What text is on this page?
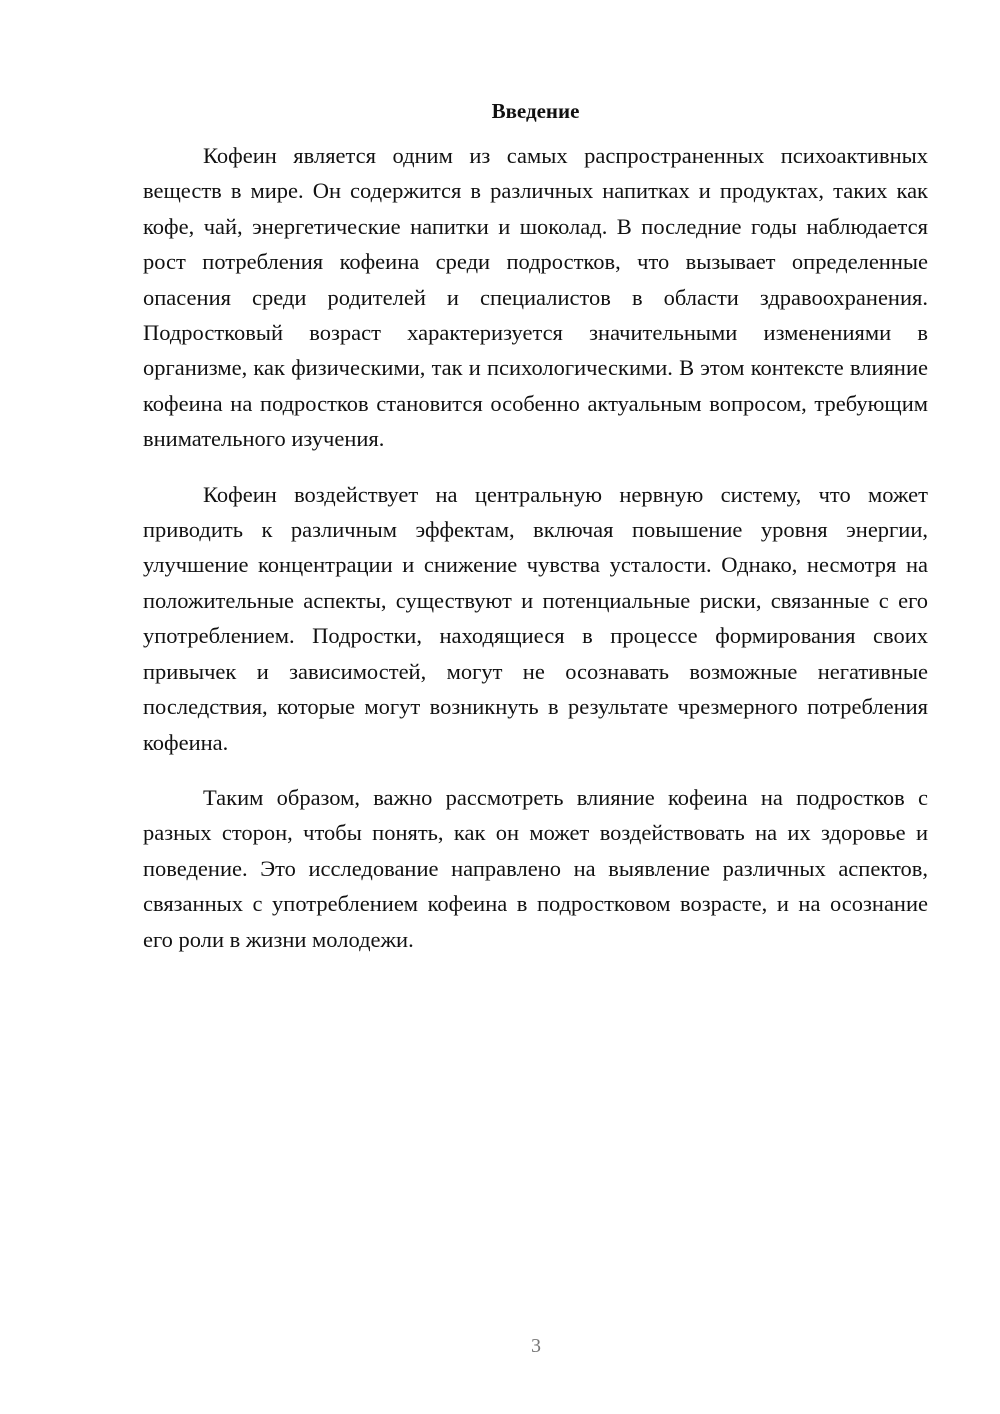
Введение

Кофеин является одним из самых распространенных психоактивных веществ в мире. Он содержится в различных напитках и продуктах, таких как кофе, чай, энергетические напитки и шоколад. В последние годы наблюдается рост потребления кофеина среди подростков, что вызывает определенные опасения среди родителей и специалистов в области здравоохранения. Подростковый возраст характеризуется значительными изменениями в организме, как физическими, так и психологическими. В этом контексте влияние кофеина на подростков становится особенно актуальным вопросом, требующим внимательного изучения.

Кофеин воздействует на центральную нервную систему, что может приводить к различным эффектам, включая повышение уровня энергии, улучшение концентрации и снижение чувства усталости. Однако, несмотря на положительные аспекты, существуют и потенциальные риски, связанные с его употреблением. Подростки, находящиеся в процессе формирования своих привычек и зависимостей, могут не осознавать возможные негативные последствия, которые могут возникнуть в результате чрезмерного потребления кофеина.

Таким образом, важно рассмотреть влияние кофеина на подростков с разных сторон, чтобы понять, как он может воздействовать на их здоровье и поведение. Это исследование направлено на выявление различных аспектов, связанных с употреблением кофеина в подростковом возрасте, и на осознание его роли в жизни молодежи.

3
